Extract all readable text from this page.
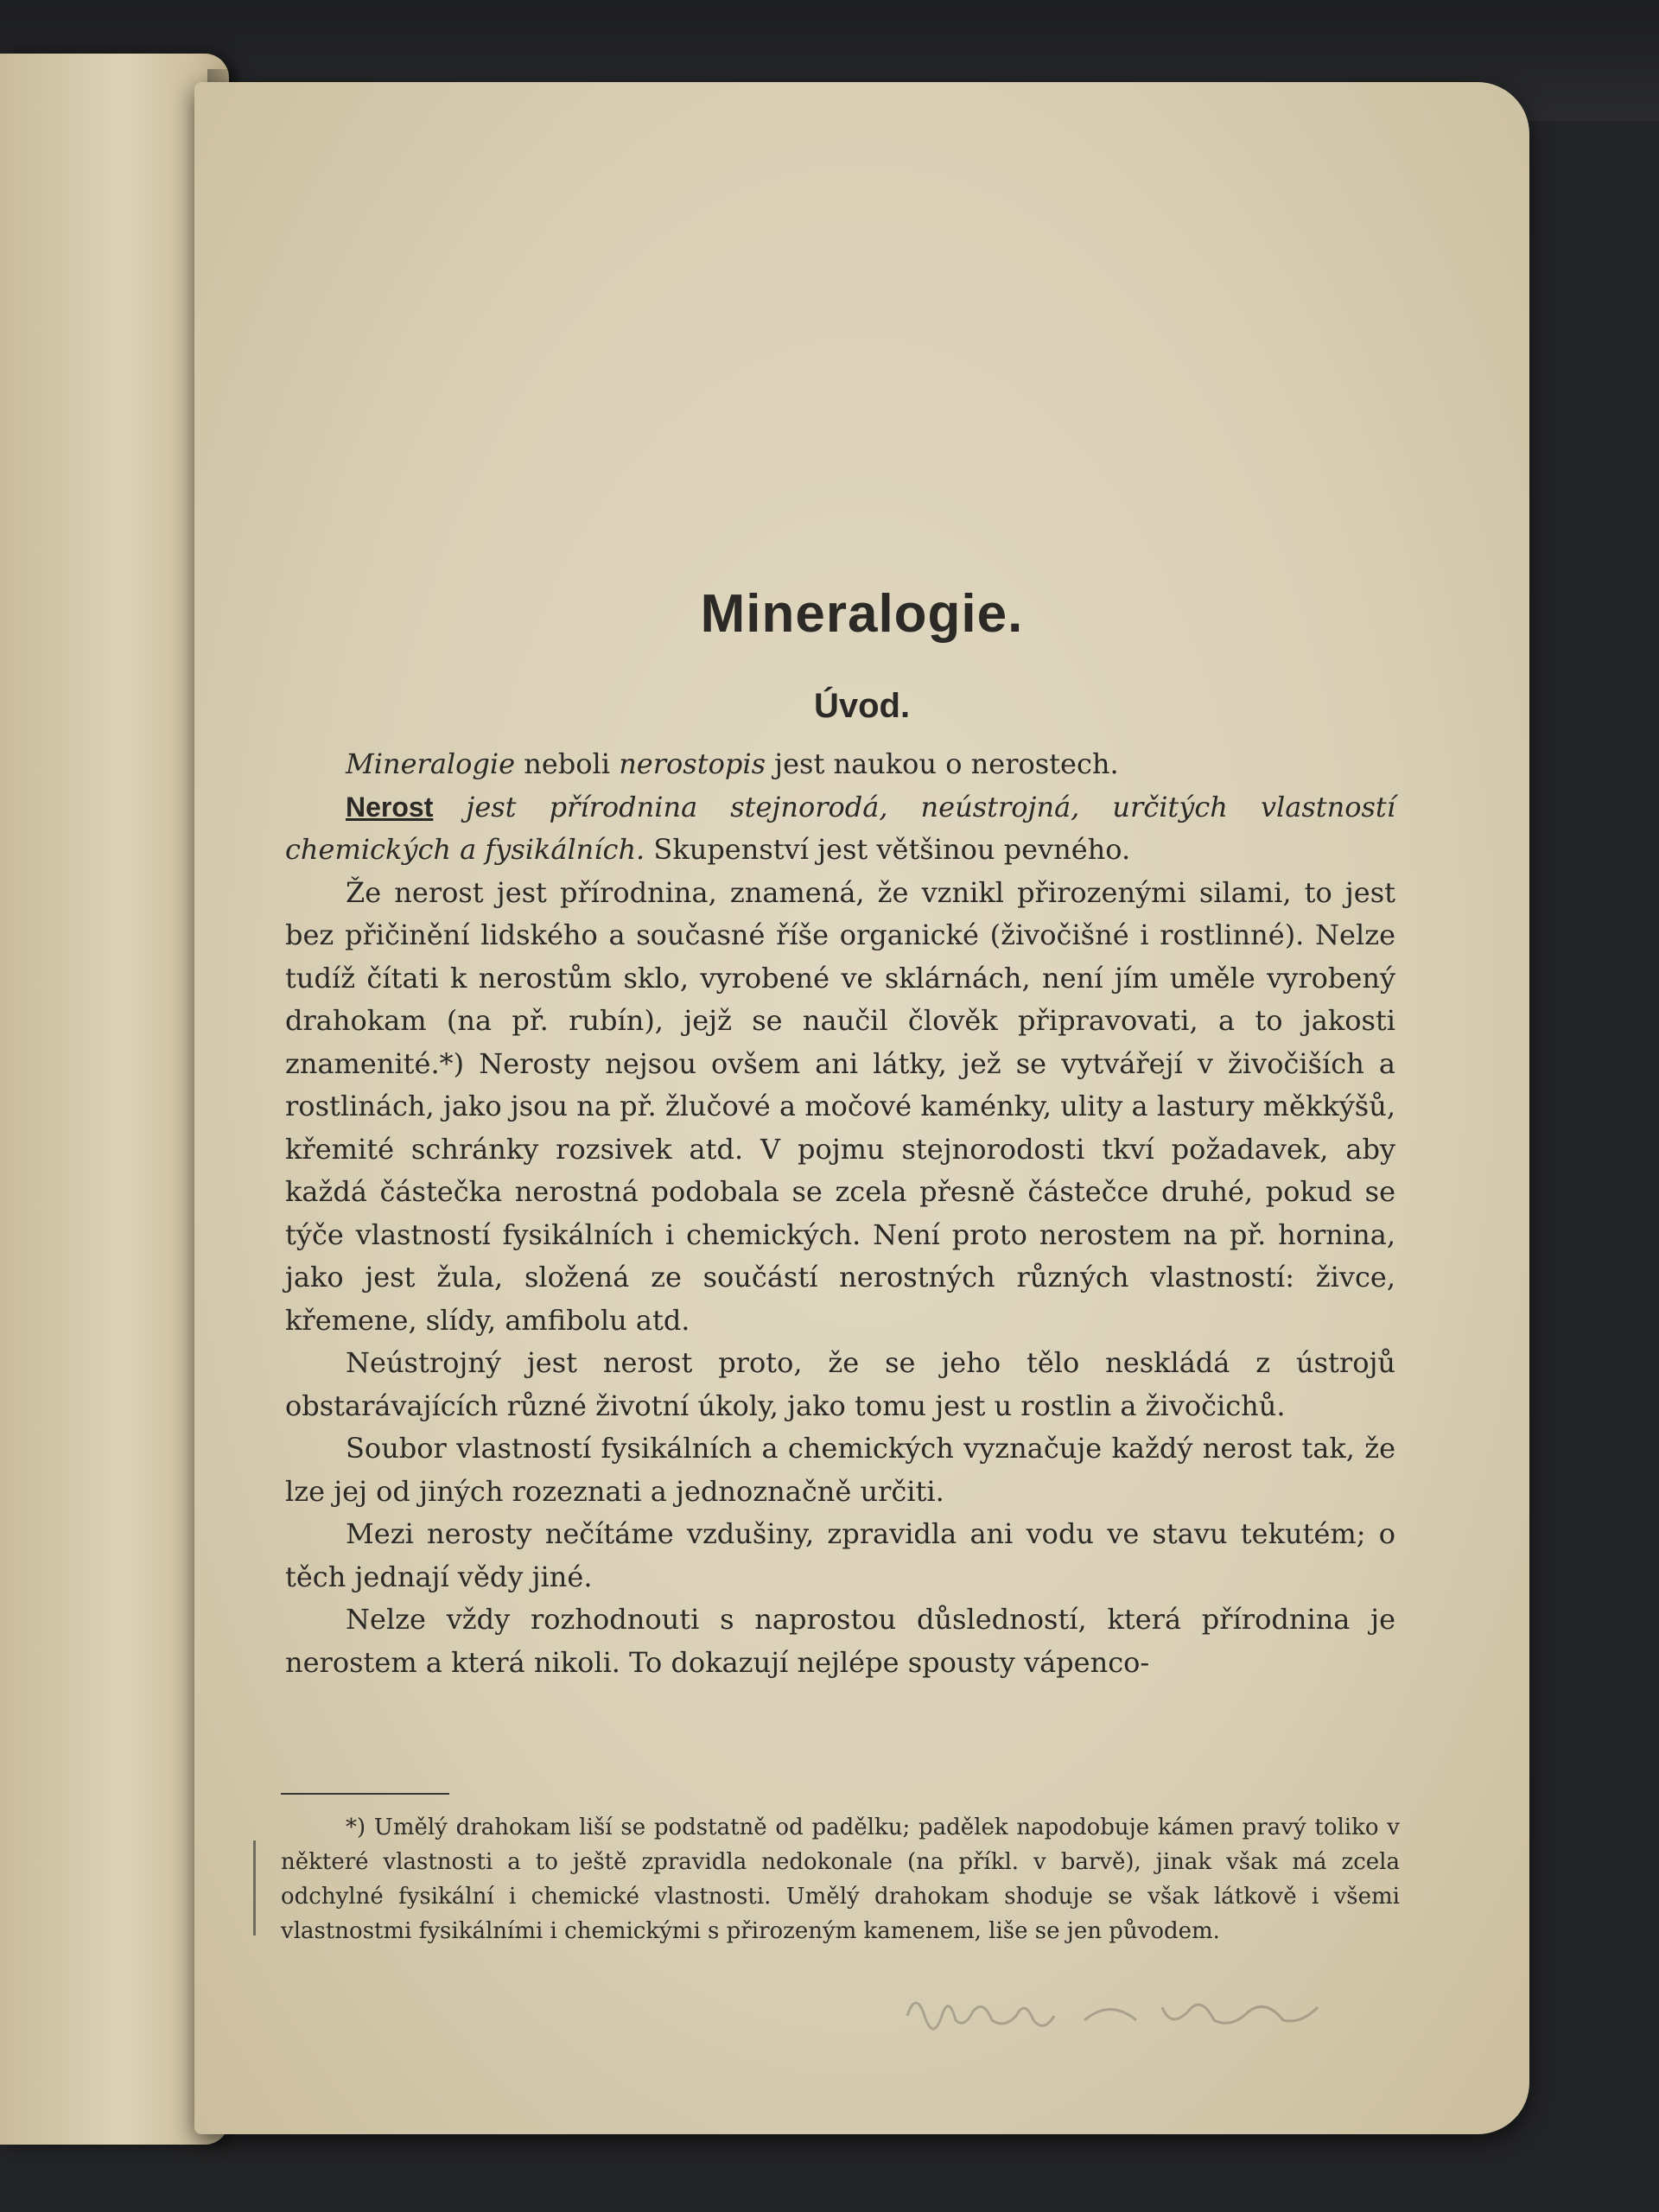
Mineralogie.
Úvod.

Mineralogie neboli nerostopis jest naukou o nerostech.

Nerost jest přírodnina stejnorodá, neústrojná, určitých vlastností chemických a fysikálních. Skupenství jest většinou pevného.

Že nerost jest přírodnina, znamená, že vznikl přirozenými silami, to jest bez přičinění lidského a současné říše organické (živočišné i rostlinné). Nelze tudíž čítati k nerostům sklo, vyrobené ve sklárnách, není jím uměle vyrobený drahokam (na př. rubín), jejž se naučil člověk připravovati, a to jakosti znamenité.*) Nerosty nejsou ovšem ani látky, jež se vytvářejí v živočiších a rostlinách, jako jsou na př. žlučové a močové kaménky, ulity a lastury měkkýšů, křemité schránky rozsivek atd. V pojmu stejnorodosti tkví požadavek, aby každá částečka nerostná podobala se zcela přesně částečce druhé, pokud se týče vlastností fysikálních i chemických. Není proto nerostem na př. hornina, jako jest žula, složená ze součástí nerostných různých vlastností: živce, křemene, slídy, amfibolu atd.

Neústrojný jest nerost proto, že se jeho tělo neskládá z ústrojů obstarávajících různé životní úkoly, jako tomu jest u rostlin a živočichů.

Soubor vlastností fysikálních a chemických vyznačuje každý nerost tak, že lze jej od jiných rozeznati a jednoznačně určiti.

Mezi nerosty nečítáme vzdušiny, zpravidla ani vodu ve stavu tekutém; o těch jednají vědy jiné.

Nelze vždy rozhodnouti s naprostou důsledností, která přírodnina je nerostem a která nikoli. To dokazují nejlépe spousty vápenco-

*) Umělý drahokam liší se podstatně od padělku; padělek napodobuje kámen pravý toliko v některé vlastnosti a to ještě zpravidla nedokonale (na příkl. v barvě), jinak však má zcela odchylné fysikální i chemické vlastnosti. Umělý drahokam shoduje se však látkově i všemi vlastnostmi fysikálními i chemickými s přirozeným kamenem, liše se jen původem.
